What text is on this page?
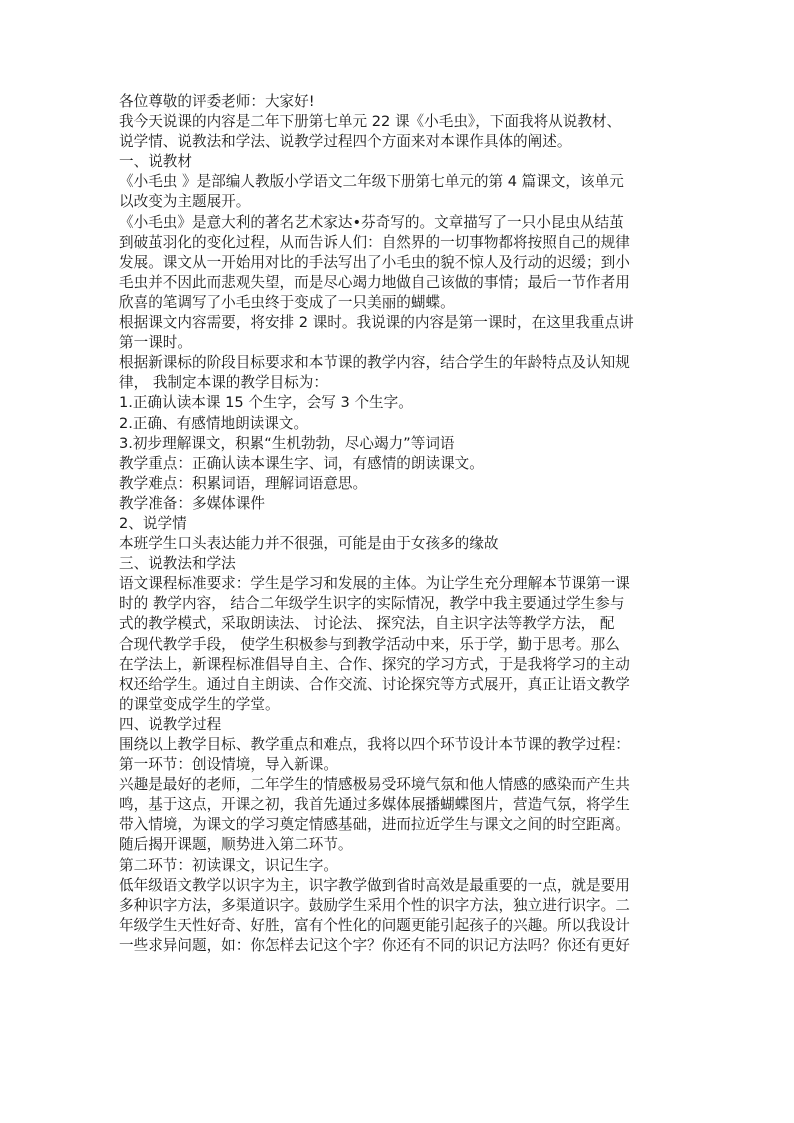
各位尊敬的评委老师：大家好!

我今天说课的内容是二年下册第七单元 22 课《小毛虫》，下面我将从说教材、

说学情、说教法和学法、说教学过程四个方面来对本课作具体的阐述。

一、说教材

《小毛虫 》是部编人教版小学语文二年级下册第七单元的第 4 篇课文，该单元

以改变为主题展开。

《小毛虫》是意大利的著名艺术家达•芬奇写的。文章描写了一只小昆虫从结茧

到破茧羽化的变化过程，从而告诉人们：自然界的一切事物都将按照自己的规律

发展。课文从一开始用对比的手法写出了小毛虫的貌不惊人及行动的迟缓；到小

毛虫并不因此而悲观失望，而是尽心竭力地做自己该做的事情；最后一节作者用

欣喜的笔调写了小毛虫终于变成了一只美丽的蝴蝶。

根据课文内容需要，将安排 2 课时。我说课的内容是第一课时，在这里我重点讲

第一课时。

根据新课标的阶段目标要求和本节课的教学内容，结合学生的年龄特点及认知规

律， 我制定本课的教学目标为：

1.正确认读本课 15 个生字，会写 3 个生字。

2.正确、有感情地朗读课文。

3.初步理解课文，积累“生机勃勃，尽心竭力”等词语

教学重点：正确认读本课生字、词，有感情的朗读课文。

教学难点：积累词语，理解词语意思。

教学准备：多媒体课件

2、说学情

本班学生口头表达能力并不很强，可能是由于女孩多的缘故

三、说教法和学法

语文课程标准要求：学生是学习和发展的主体。为让学生充分理解本节课第一课

时的 教学内容， 结合二年级学生识字的实际情况，教学中我主要通过学生参与

式的教学模式，采取朗读法、 讨论法、 探究法，自主识字法等教学方法， 配

合现代教学手段， 使学生积极参与到教学活动中来，乐于学，勤于思考。那么

在学法上，新课程标准倡导自主、合作、探究的学习方式，于是我将学习的主动

权还给学生。通过自主朗读、合作交流、讨论探究等方式展开，真正让语文教学

的课堂变成学生的学堂。

四、说教学过程

围绕以上教学目标、教学重点和难点，我将以四个环节设计本节课的教学过程：

第一环节：创设情境，导入新课。

兴趣是最好的老师，二年学生的情感极易受环境气氛和他人情感的感染而产生共

鸣，基于这点，开课之初，我首先通过多媒体展播蝴蝶图片，营造气氛，将学生

带入情境，为课文的学习奠定情感基础，进而拉近学生与课文之间的时空距离。

随后揭开课题，顺势进入第二环节。

第二环节：初读课文，识记生字。

低年级语文教学以识字为主，识字教学做到省时高效是最重要的一点，就是要用

多种识字方法，多渠道识字。鼓励学生采用个性的识字方法，独立进行识字。二

年级学生天性好奇、好胜，富有个性化的问题更能引起孩子的兴趣。所以我设计

一些求异问题，如：你怎样去记这个字？你还有不同的识记方法吗？你还有更好
